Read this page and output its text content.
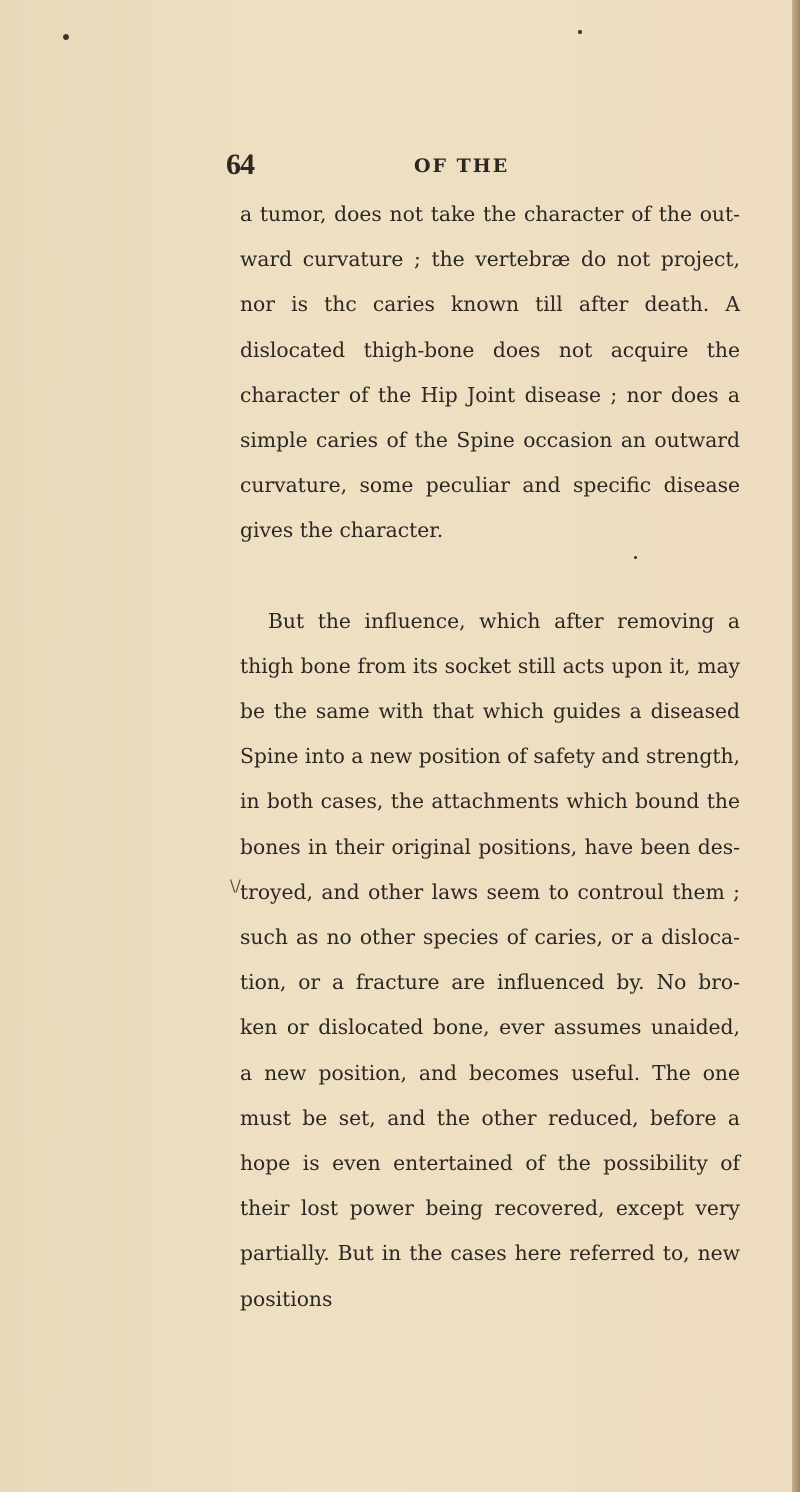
64	OF THE

a tumor, does not take the character of the out- ward curvature ; the vertebræ do not project, nor is thc caries known till after death. A dislocated thigh-bone does not acquire the character of the Hip Joint disease ; nor does a simple caries of the Spine occasion an outward curvature, some peculiar and specific disease gives the character.

But the influence, which after removing a thigh bone from its socket still acts upon it, may be the same with that which guides a diseased Spine into a new position of safety and strength, in both cases, the attachments which bound the bones in their original positions, have been des- troyed, and other laws seem to controul them ; such as no other species of caries, or a disloca- tion, or a fracture are influenced by. No bro- ken or dislocated bone, ever assumes unaided, a new position, and becomes useful. The one must be set, and the other reduced, before a hope is even entertained of the possibility of their lost power being recovered, except very partially. But in the cases here referred to, new positions

\/
